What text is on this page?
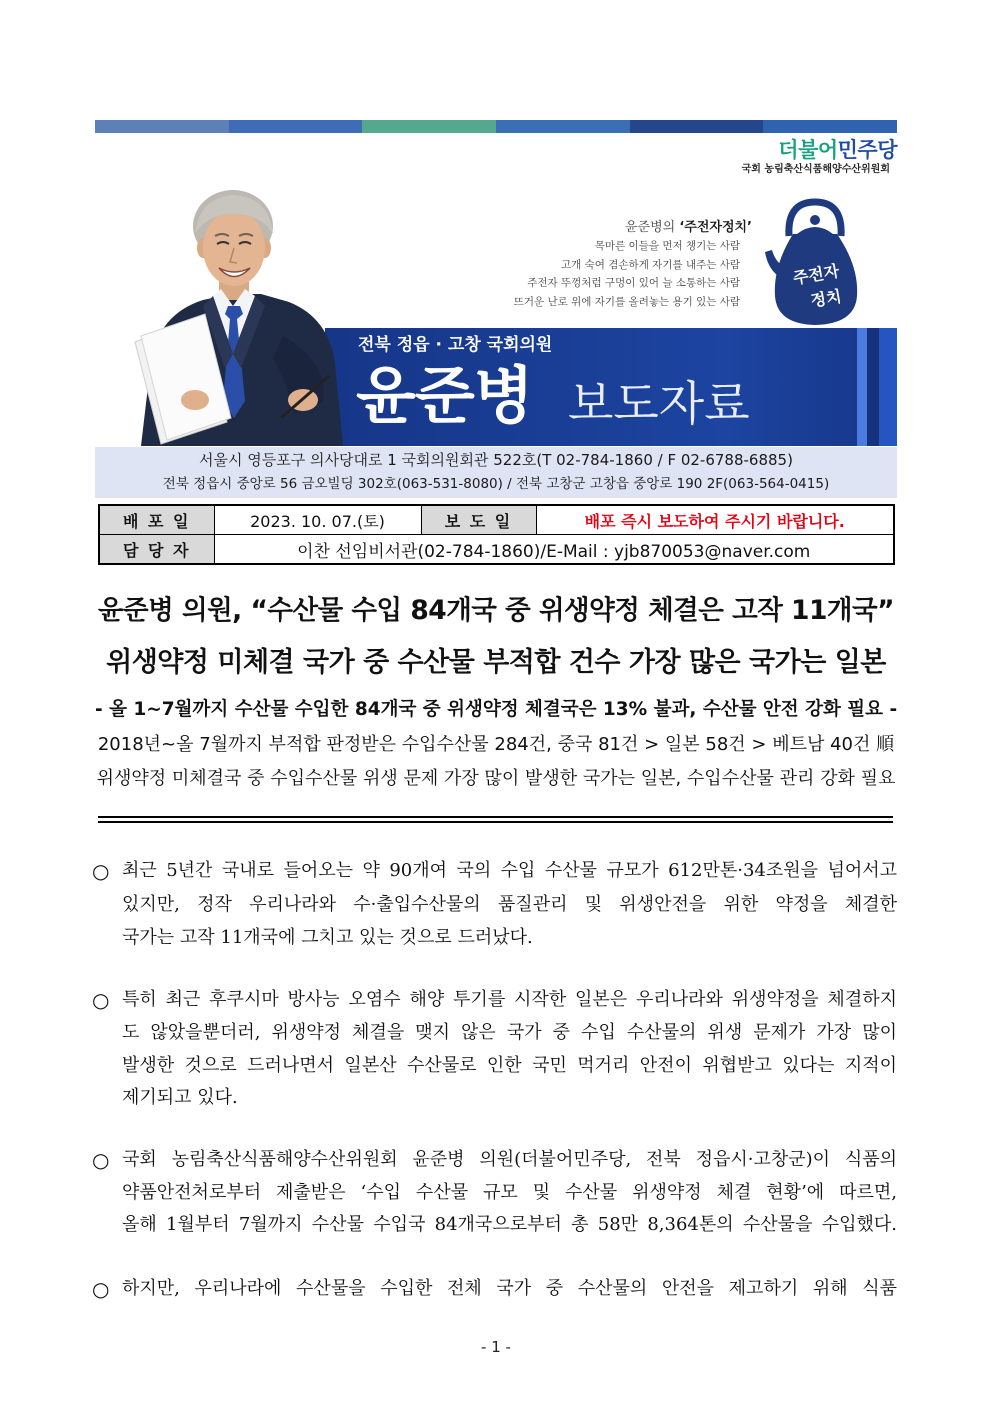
더불어민주당
국회 농림축산식품해양수산위원회
윤준병의 ‘주전자정치’
목마른 이들을 먼저 챙기는 사람
고개 숙여 겸손하게 자기를 내주는 사람
주전자 뚜껑처럼 구멍이 있어 늘 소통하는 사람
뜨거운 난로 위에 자기를 올려놓는 용기 있는 사람
주전자
정치
전북 정읍 · 고창 국회의원
윤준병 보도자료
서울시 영등포구 의사당대로 1 국회의원회관 522호(T 02-784-1860 / F 02-6788-6885)
전북 정읍시 중앙로 56 금오빌딩 302호(063-531-8080) / 전북 고창군 고창읍 중앙로 190 2F(063-564-0415)
배 포 일	2023. 10. 07.(토)	보 도 일	배포 즉시 보도하여 주시기 바랍니다.

담 당 자	이찬 선임비서관(02-784-1860)/E-Mail : yjb870053@naver.com		
윤준병 의원, “수산물 수입 84개국 중 위생약정 체결은 고작 11개국”
위생약정 미체결 국가 중 수산물 부적합 건수 가장 많은 국가는 일본
- 올 1~7월까지 수산물 수입한 84개국 중 위생약정 체결국은 13% 불과, 수산물 안전 강화 필요 -
2018년~올 7월까지 부적합 판정받은 수입수산물 284건, 중국 81건 > 일본 58건 > 베트남 40건 順
위생약정 미체결국 중 수입수산물 위생 문제 가장 많이 발생한 국가는 일본, 수입수산물 관리 강화 필요
○ 최근 5년간 국내로 들어오는 약 90개여 국의 수입 수산물 규모가 612만톤·34조원을 넘어서고
있지만, 정작 우리나라와 수·출입수산물의 품질관리 및 위생안전을 위한 약정을 체결한
국가는 고작 11개국에 그치고 있는 것으로 드러났다.
○ 특히 최근 후쿠시마 방사능 오염수 해양 투기를 시작한 일본은 우리나라와 위생약정을 체결하지
도 않았을뿐더러, 위생약정 체결을 맺지 않은 국가 중 수입 수산물의 위생 문제가 가장 많이
발생한 것으로 드러나면서 일본산 수산물로 인한 국민 먹거리 안전이 위협받고 있다는 지적이
제기되고 있다.
○ 국회 농림축산식품해양수산위원회 윤준병 의원(더불어민주당, 전북 정읍시·고창군)이 식품의
약품안전처로부터 제출받은 ‘수입 수산물 규모 및 수산물 위생약정 체결 현황’에 따르면,
올해 1월부터 7월까지 수산물 수입국 84개국으로부터 총 58만 8,364톤의 수산물을 수입했다.
○ 하지만, 우리나라에 수산물을 수입한 전체 국가 중 수산물의 안전을 제고하기 위해 식품
- 1 -
